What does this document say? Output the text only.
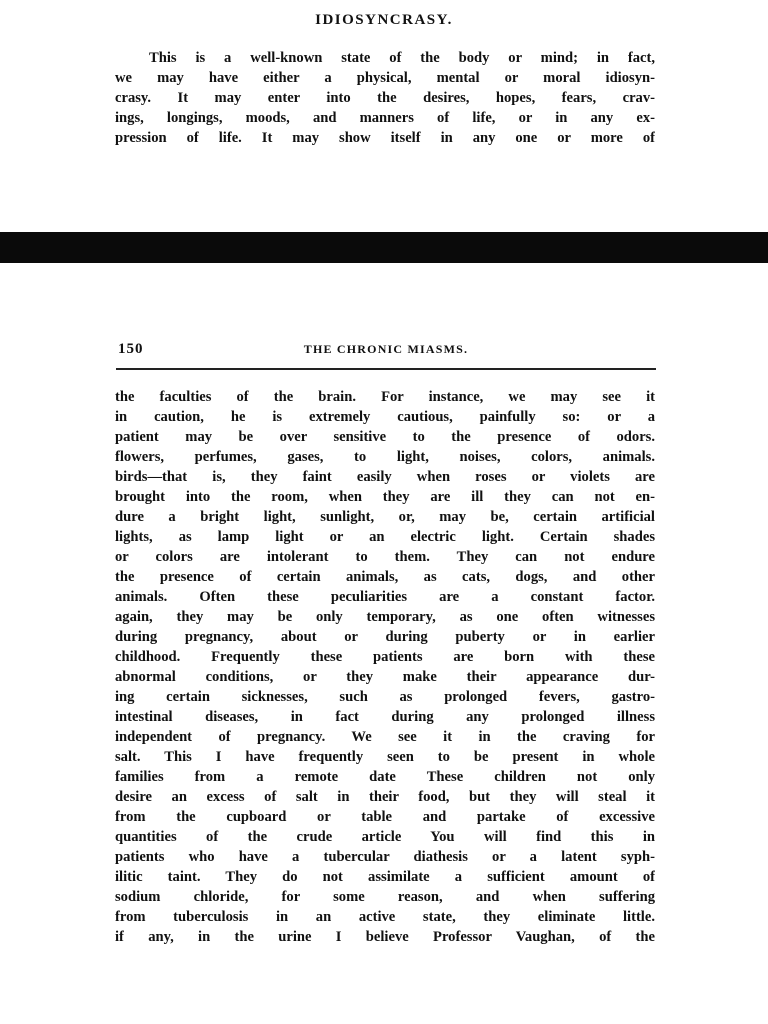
IDIOSYNCRASY.
This is a well-known state of the body or mind; in fact,
we may have either a physical, mental or moral idiosyn-
crasy. It may enter into the desires, hopes, fears, crav-
ings, longings, moods, and manners of life, or in any ex-
pression of life. It may show itself in any one or more of
150	THE CHRONIC MIASMS.
the faculties of the brain. For instance, we may see it
in caution, he is extremely cautious, painfully so: or a
patient may be over sensitive to the presence of odors.
flowers, perfumes, gases, to light, noises, colors, animals.
birds—that is, they faint easily when roses or violets are
brought into the room, when they are ill they can not en-
dure a bright light, sunlight, or, may be, certain artificial
lights, as lamp light or an electric light. Certain shades
or colors are intolerant to them. They can not endure
the presence of certain animals, as cats, dogs, and other
animals. Often these peculiarities are a constant factor.
again, they may be only temporary, as one often witnesses
during pregnancy, about or during puberty or in earlier
childhood. Frequently these patients are born with these
abnormal conditions, or they make their appearance dur-
ing certain sicknesses, such as prolonged fevers, gastro-
intestinal diseases, in fact during any prolonged illness
independent of pregnancy. We see it in the craving for
salt. This I have frequently seen to be present in whole
families from a remote date These children not only
desire an excess of salt in their food, but they will steal it
from the cupboard or table and partake of excessive
quantities of the crude article You will find this in
patients who have a tubercular diathesis or a latent syph-
ilitic taint. They do not assimilate a sufficient amount of
sodium chloride, for some reason, and when suffering
from tuberculosis in an active state, they eliminate little.
if any, in the urine I believe Professor Vaughan, of the
